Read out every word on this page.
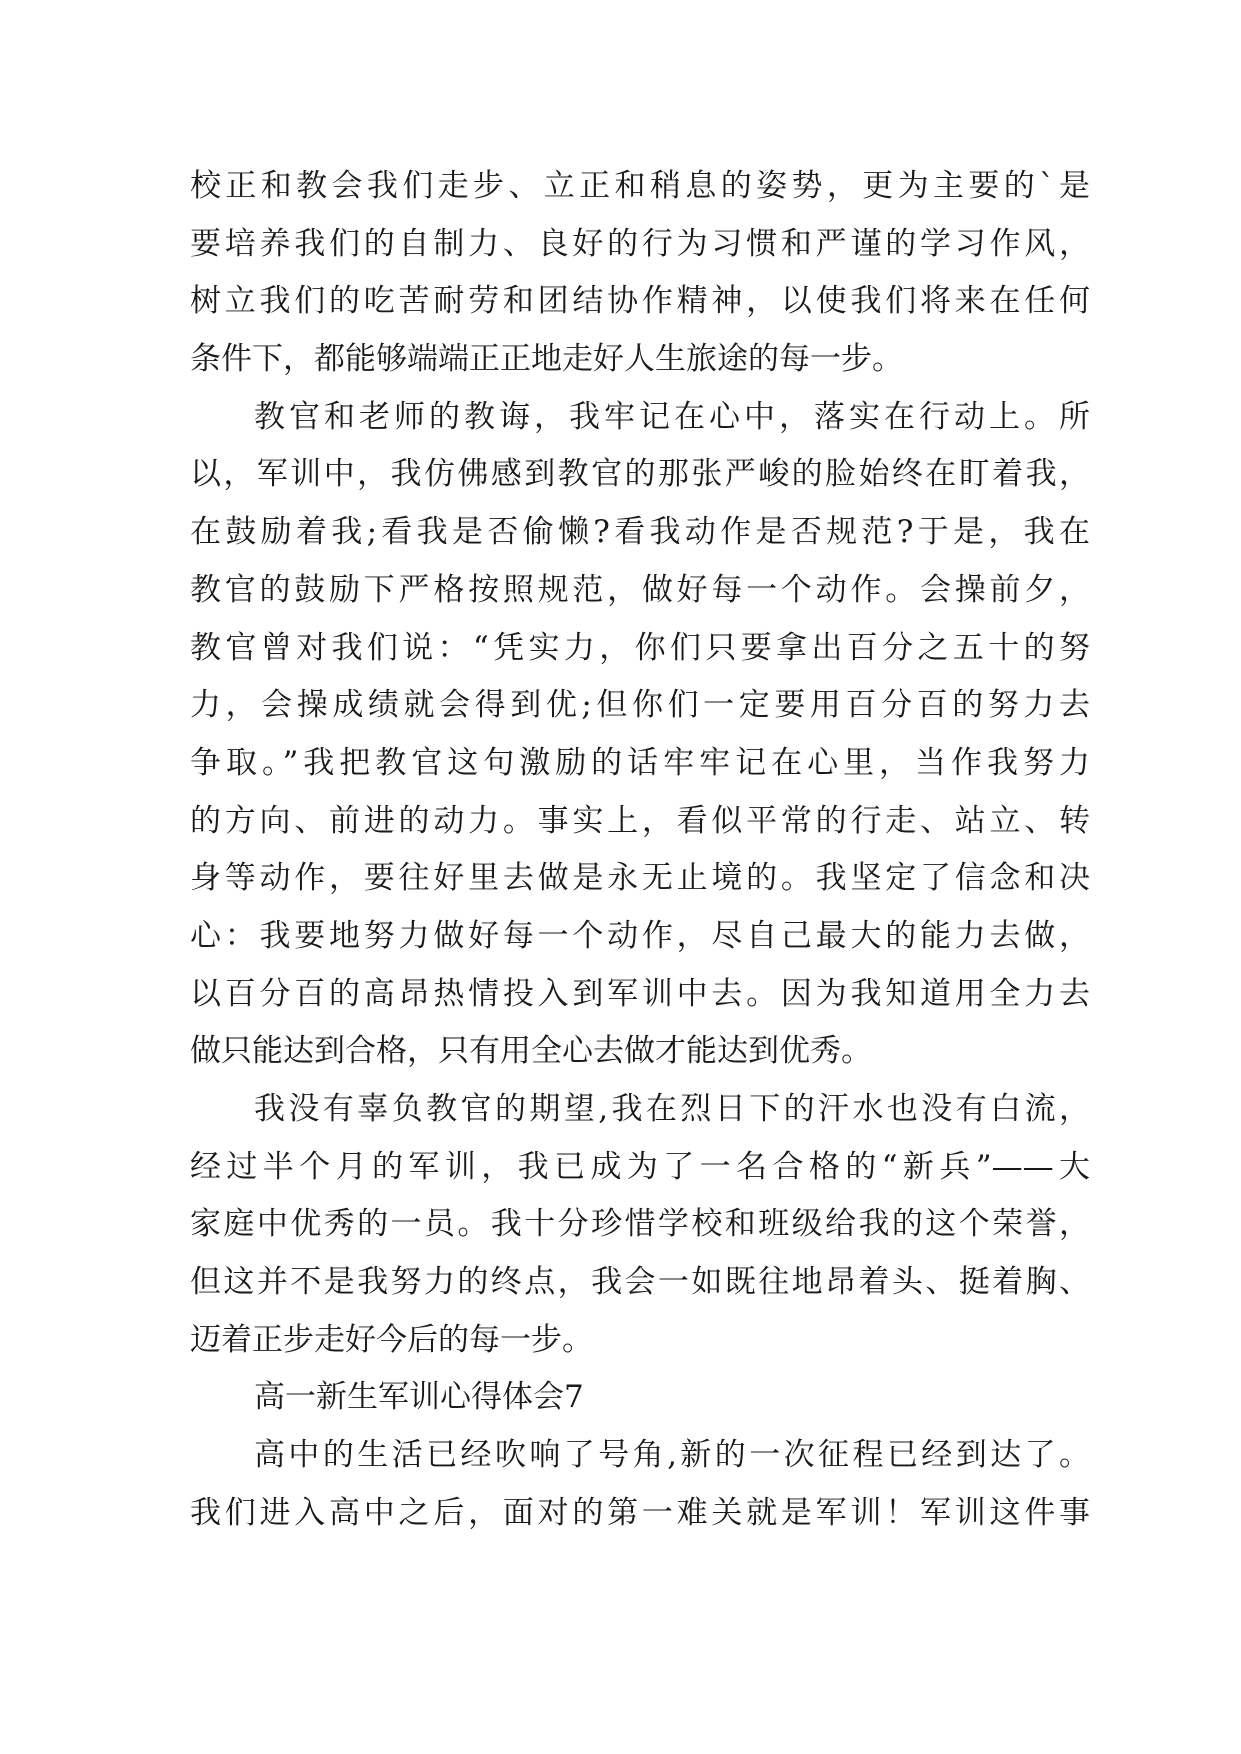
校正和教会我们走步、立正和稍息的姿势，更为主要的`是
要培养我们的自制力、良好的行为习惯和严谨的学习作风，
树立我们的吃苦耐劳和团结协作精神，以使我们将来在任何
条件下，都能够端端正正地走好人生旅途的每一步。
教官和老师的教诲，我牢记在心中，落实在行动上。所
以，军训中，我仿佛感到教官的那张严峻的脸始终在盯着我，
在鼓励着我;看我是否偷懒?看我动作是否规范?于是，我在
教官的鼓励下严格按照规范，做好每一个动作。会操前夕，
教官曾对我们说：“凭实力，你们只要拿出百分之五十的努
力，会操成绩就会得到优;但你们一定要用百分百的努力去
争取。”我把教官这句激励的话牢牢记在心里，当作我努力
的方向、前进的动力。事实上，看似平常的行走、站立、转
身等动作，要往好里去做是永无止境的。我坚定了信念和决
心：我要地努力做好每一个动作，尽自己最大的能力去做，
以百分百的高昂热情投入到军训中去。因为我知道用全力去
做只能达到合格，只有用全心去做才能达到优秀。
我没有辜负教官的期望,我在烈日下的汗水也没有白流，
经过半个月的军训，我已成为了一名合格的“新兵”——大
家庭中优秀的一员。我十分珍惜学校和班级给我的这个荣誉，
但这并不是我努力的终点，我会一如既往地昂着头、挺着胸、
迈着正步走好今后的每一步。
高一新生军训心得体会7
高中的生活已经吹响了号角,新的一次征程已经到达了。
我们进入高中之后，面对的第一难关就是军训！军训这件事
